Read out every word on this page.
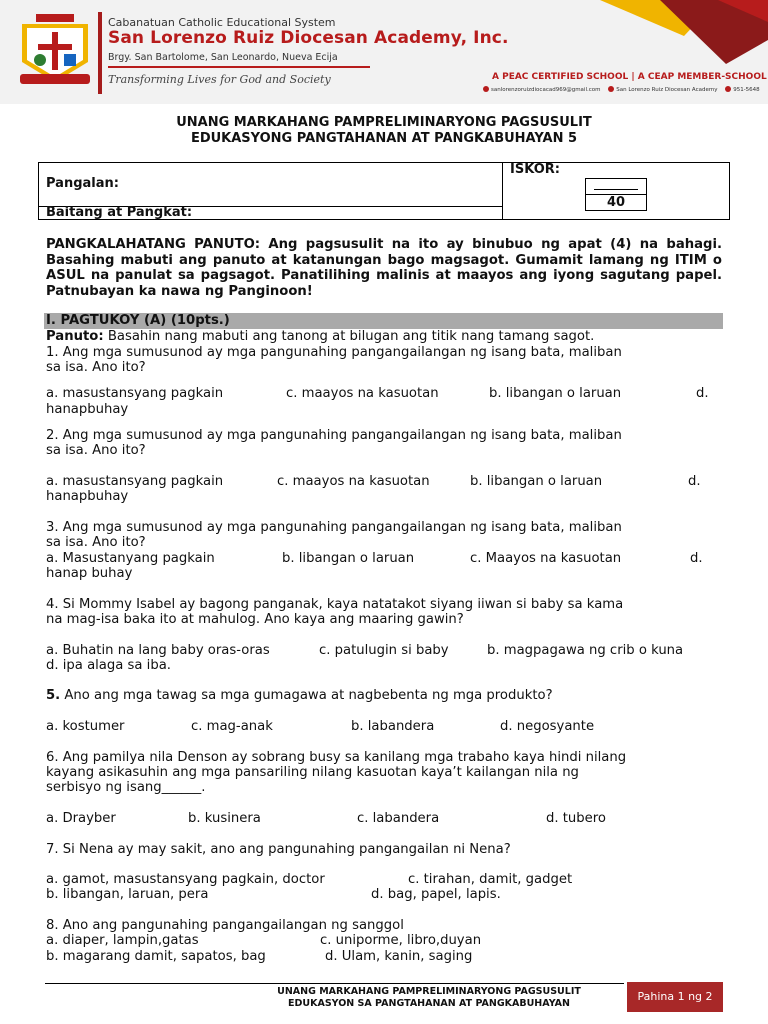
Cabanatuan Catholic Educational System
San Lorenzo Ruiz Diocesan Academy, Inc.
Brgy. San Bartolome, San Leonardo, Nueva Ecija
Transforming Lives for God and Society	A PEAC CERTIFIED SCHOOL | A CEAP MEMBER-SCHOOL
sanlorenzoruizdiocacad969@gmail.com	San Lorenzo Ruiz Diocesan Academy	951-5648
UNANG MARKAHANG PAMPRELIMINARYONG PAGSUSULIT
EDUKASYONG PANGTAHANAN AT PANGKABUHAYAN 5
Pangalan:
Baitang at Pangkat:
ISKOR:
40
PANGKALAHATANG PANUTO: Ang pagsusulit na ito ay binubuo ng apat (4) na bahagi. Basahing mabuti ang panuto at katanungan bago magsagot. Gumamit lamang ng ITIM o ASUL na panulat sa pagsagot. Panatilihing malinis at maayos ang iyong sagutang papel. Patnubayan ka nawa ng Panginoon!
I. PAGTUKOY (A) (10pts.)
Panuto: Basahin nang mabuti ang tanong at bilugan ang titik nang tamang sagot.
1. Ang mga sumusunod ay mga pangunahing pangangailangan ng isang bata, maliban
sa isa. Ano ito?
a. masustansyang pagkain	c. maayos na kasuotan	b. libangan o laruan	d.
hanapbuhay
2. Ang mga sumusunod ay mga pangunahing pangangailangan ng isang bata, maliban
sa isa. Ano ito?
a. masustansyang pagkain	c. maayos na kasuotan	b. libangan o laruan	d.
hanapbuhay
3. Ang mga sumusunod ay mga pangunahing pangangailangan ng isang bata, maliban
sa isa. Ano ito?
a. Masustanyang pagkain	b. libangan o laruan	c. Maayos na kasuotan	d.
hanap buhay
4. Si Mommy Isabel ay bagong panganak, kaya natatakot siyang iiwan si baby sa kama
na mag-isa baka ito at mahulog. Ano kaya ang maaring gawin?
a. Buhatin na lang baby oras-oras	c. patulugin si baby	b. magpagawa ng crib o kuna
d. ipa alaga sa iba.
5. Ano ang mga tawag sa mga gumagawa at nagbebenta ng mga produkto?
a. kostumer	c. mag-anak	b. labandera	d. negosyante
6. Ang pamilya nila Denson ay sobrang busy sa kanilang mga trabaho kaya hindi nilang
kayang asikasuhin ang mga pansariling nilang kasuotan kaya’t kailangan nila ng
serbisyo ng isang______.
a. Drayber	b. kusinera	c. labandera	d. tubero
7. Si Nena ay may sakit, ano ang pangunahing pangangailan ni Nena?
a. gamot, masustansyang pagkain, doctor	c. tirahan, damit, gadget
b. libangan, laruan, pera	d. bag, papel, lapis.
8. Ano ang pangunahing pangangailangan ng sanggol
a. diaper, lampin,gatas	c. uniporme, libro,duyan
b. magarang damit, sapatos, bag	d. Ulam, kanin, saging
UNANG MARKAHANG PAMPRELIMINARYONG PAGSUSULIT
EDUKASYON SA PANGTAHANAN AT PANGKABUHAYAN	Pahina 1 ng 2
